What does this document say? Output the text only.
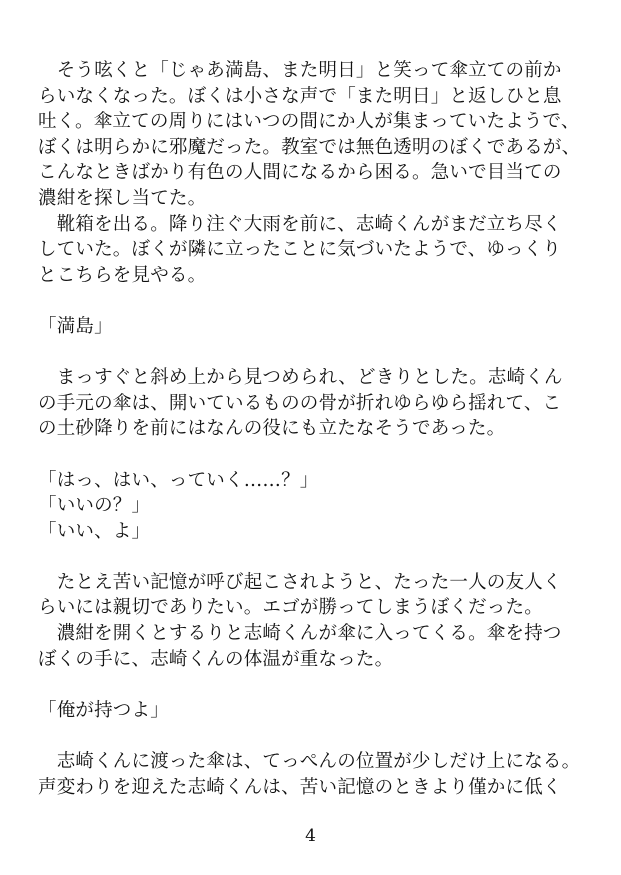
　そう呟くと「じゃあ満島、また明日」と笑って傘立ての前か
らいなくなった。ぼくは小さな声で「また明日」と返しひと息
吐く。傘立ての周りにはいつの間にか人が集まっていたようで、
ぼくは明らかに邪魔だった。教室では無色透明のぼくであるが、
こんなときばかり有色の人間になるから困る。急いで目当ての
濃紺を探し当てた。
　靴箱を出る。降り注ぐ大雨を前に、志崎くんがまだ立ち尽く
していた。ぼくが隣に立ったことに気づいたようで、ゆっくり
とこちらを見やる。
「満島」
　まっすぐと斜め上から見つめられ、どきりとした。志崎くん
の手元の傘は、開いているものの骨が折れゆらゆら揺れて、こ
の土砂降りを前にはなんの役にも立たなそうであった。
「はっ、はい、っていく……？」
「いいの？」
「いい、よ」
　たとえ苦い記憶が呼び起こされようと、たった一人の友人く
らいには親切でありたい。エゴが勝ってしまうぼくだった。
　濃紺を開くとするりと志崎くんが傘に入ってくる。傘を持つ
ぼくの手に、志崎くんの体温が重なった。
「俺が持つよ」
　志崎くんに渡った傘は、てっぺんの位置が少しだけ上になる。
声変わりを迎えた志崎くんは、苦い記憶のときより僅かに低く
4
